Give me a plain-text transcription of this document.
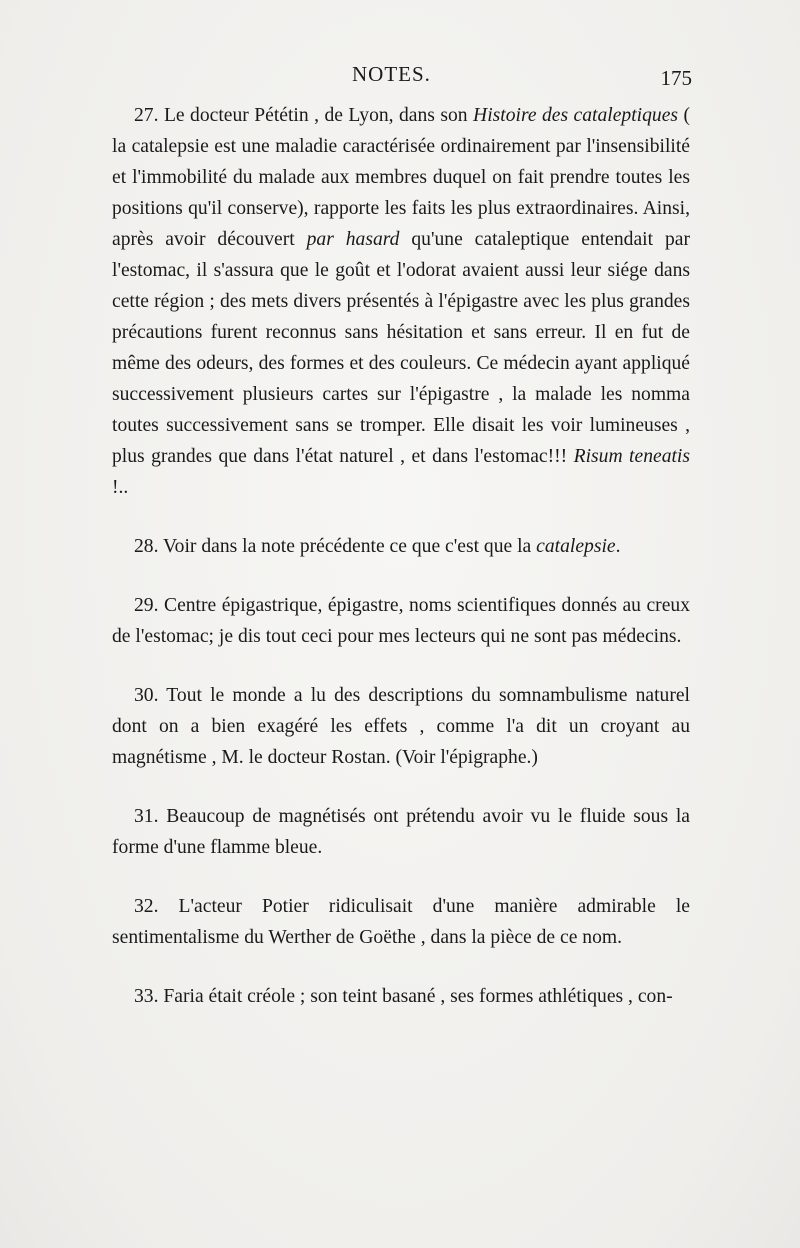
NOTES.	175

27. Le docteur Pététin , de Lyon, dans son Histoire des cataleptiques ( la catalepsie est une maladie caractérisée ordinairement par l'insensibilité et l'immobilité du malade aux membres duquel on fait prendre toutes les positions qu'il conserve), rapporte les faits les plus extraordinaires. Ainsi, après avoir découvert par hasard qu'une cataleptique entendait par l'estomac, il s'assura que le goût et l'odorat avaient aussi leur siége dans cette région ; des mets divers présentés à l'épigastre avec les plus grandes précautions furent reconnus sans hésitation et sans erreur. Il en fut de même des odeurs, des formes et des couleurs. Ce médecin ayant appliqué successivement plusieurs cartes sur l'épigastre , la malade les nomma toutes successivement sans se tromper. Elle disait les voir lumineuses , plus grandes que dans l'état naturel , et dans l'estomac!!! Risum teneatis !..

28. Voir dans la note précédente ce que c'est que la catalepsie.

29. Centre épigastrique, épigastre, noms scientifiques donnés au creux de l'estomac; je dis tout ceci pour mes lecteurs qui ne sont pas médecins.

30. Tout le monde a lu des descriptions du somnambulisme naturel dont on a bien exagéré les effets , comme l'a dit un croyant au magnétisme , M. le docteur Rostan. (Voir l'épigraphe.)

31. Beaucoup de magnétisés ont prétendu avoir vu le fluide sous la forme d'une flamme bleue.

32. L'acteur Potier ridiculisait d'une manière admirable le sentimentalisme du Werther de Goëthe , dans la pièce de ce nom.

33. Faria était créole ; son teint basané , ses formes athlétiques , con-
